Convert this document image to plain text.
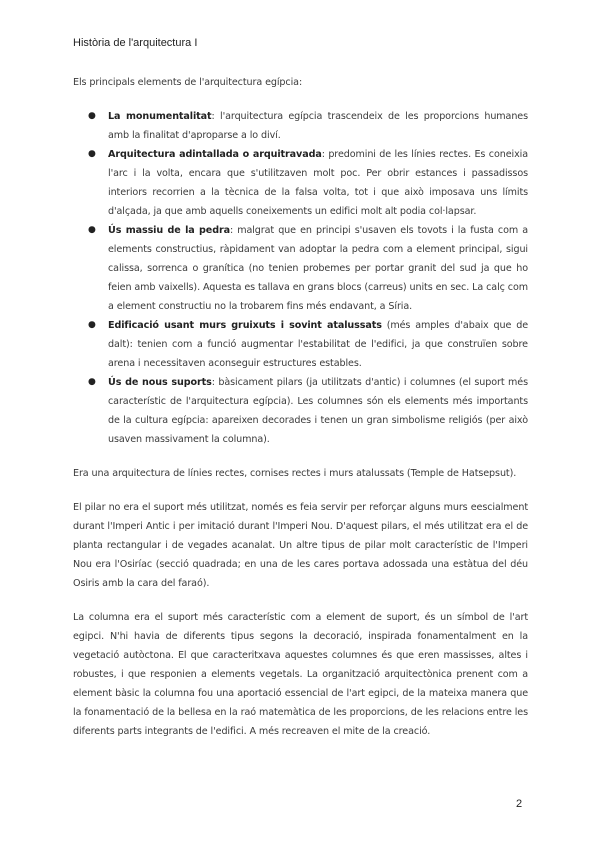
Història de l'arquitectura I

Els principals elements de l'arquitectura egípcia:

● La monumentalitat: l'arquitectura egípcia trascendeix de les proporcions humanes amb la finalitat d'aproparse a lo diví.
● Arquitectura adintallada o arquitravada: predomini de les línies rectes. Es coneixia l'arc i la volta, encara que s'utilitzaven molt poc. Per obrir estances i passadissos interiors recorrien a la tècnica de la falsa volta, tot i que això imposava uns límits d'alçada, ja que amb aquells coneixements un edifici molt alt podia col·lapsar.
● Ús massiu de la pedra: malgrat que en principi s'usaven els tovots i la fusta com a elements constructius, ràpidament van adoptar la pedra com a element principal, sigui calissa, sorrenca o granítica (no tenien probemes per portar granit del sud ja que ho feien amb vaixells). Aquesta es tallava en grans blocs (carreus) units en sec. La calç com a element constructiu no la trobarem fins més endavant, a Síria.
● Edificació usant murs gruixuts i sovint atalussats (més amples d'abaix que de dalt): tenien com a funció augmentar l'estabilitat de l'edifici, ja que construïen sobre arena i necessitaven aconseguir estructures estables.
● Ús de nous suports: bàsicament pilars (ja utilitzats d'antic) i columnes (el suport més característic de l'arquitectura egípcia). Les columnes són els elements més importants de la cultura egípcia: apareixen decorades i tenen un gran simbolisme religiós (per això usaven massivament la columna).

Era una arquitectura de línies rectes, cornises rectes i murs atalussats (Temple de Hatsepsut).

El pilar no era el suport més utilitzat, només es feia servir per reforçar alguns murs eescialment durant l'Imperi Antic i per imitació durant l'Imperi Nou. D'aquest pilars, el més utilitzat era el de planta rectangular i de vegades acanalat. Un altre tipus de pilar molt característic de l'Imperi Nou era l'Osiríac (secció quadrada; en una de les cares portava adossada una estàtua del déu Osiris amb la cara del faraó).

La columna era el suport més característic com a element de suport, és un símbol de l'art egipci. N'hi havia de diferents tipus segons la decoració, inspirada fonamentalment en la vegetació autòctona. El que caracteritxava aquestes columnes és que eren massisses, altes i robustes, i que responien a elements vegetals. La organització arquitectònica prenent com a element bàsic la columna fou una aportació essencial de l'art egipci, de la mateixa manera que la fonamentació de la bellesa en la raó matemàtica de les proporcions, de les relacions entre les diferents parts integrants de l'edifici. A més recreaven el mite de la creació.

2
